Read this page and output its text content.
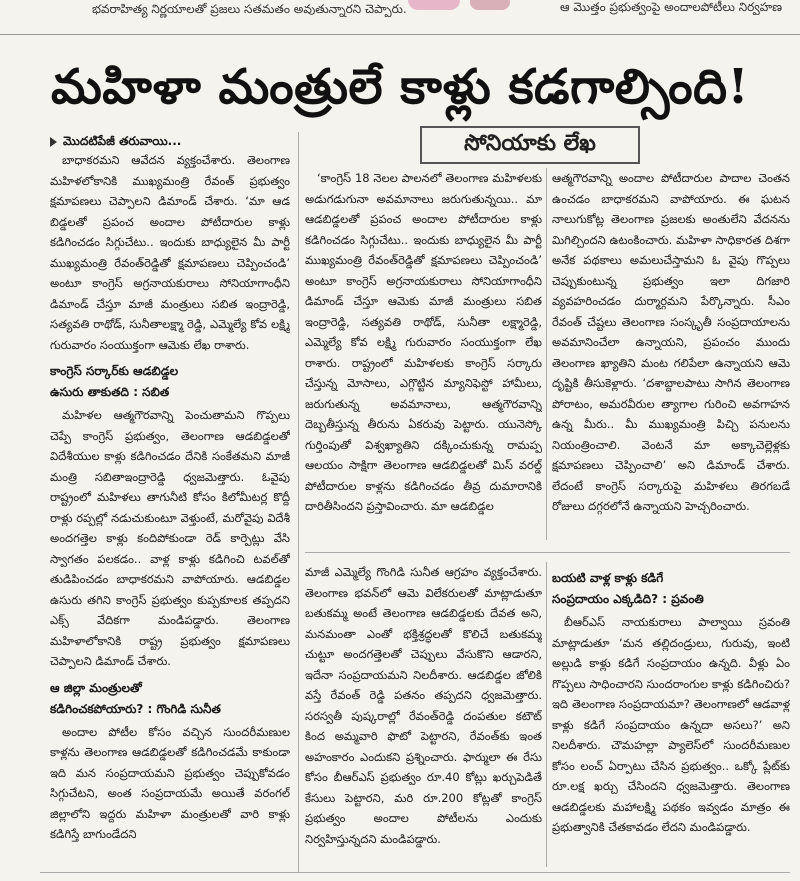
భవరాహిత్య నిర్ణయాలతో ప్రజలు సతమతం అవుతున్నారని చెప్పారు.	ఆ మొత్తం ప్రభుత్వంపై అందాలపోటీలు నిర్వహణ
మహిళా మంత్రులే కాళ్లు కడగాల్సింది!

మొదటిపేజీ తరువాయి...

బాధాకరమని ఆవేదన వ్యక్తంచేశారు. తెలంగాణ మహిళలోకానికి ముఖ్యమంత్రి రేవంత్ ప్రభుత్వం క్షమాపణలు చెప్పాలని డిమాండ్ చేశారు. ‘మా ఆడ బిడ్డలతో ప్రపంచ అందాల పోటీదారుల కాళ్లు కడిగించడం సిగ్గుచేటు.. ఇందుకు బాధ్యులైన మీ పార్టీ ముఖ్యమంత్రి రేవంత్‌రెడ్డితో క్షమాపణలు చెప్పించండి’ అంటూ కాంగ్రెస్ అగ్రనాయకురాలు సోనియాగాంధీని డిమాండ్ చేస్తూ మాజీ మంత్రులు సబిత ఇంద్రారెడ్డి, సత్యవతి రాథోడ్, సునీతాలక్ష్మా రెడ్డి, ఎమ్మెల్యే కోవ లక్ష్మి గురువారం సంయుక్తంగా ఆమెకు లేఖ రాశారు.

కాంగ్రెస్ సర్కార్‌కు ఆడబిడ్డల
ఉసురు తాకుతది : సబిత

మహిళల ఆత్మగౌరవాన్ని పెంచుతామని గొప్పలు చెప్పే కాంగ్రెస్ ప్రభుత్వం, తెలంగాణ ఆడబిడ్డలతో విదేశీయుల కాళ్లు కడిగించడం దేనికి సంకేతమని మాజీ మంత్రి సబితాఇంద్రారెడ్డి ధ్వజమెత్తారు. ఓవైపు రాష్ట్రంలో మహిళలు తాగునీటి కోసం కిలోమీటర్ల కొద్దీ రాళ్లు రప్పల్లో నడుచుకుంటూ వెళ్తుంటే, మరోవైపు విదేశీ అందగత్తెల కాళ్లు కందిపోకుండా రెడ్ కార్పెట్లు వేసి స్వాగతం పలకడం.. వాళ్ల కాళ్లు కడిగించి టవల్‌తో తుడిపించడం బాధాకరమని వాపోయారు. ఆడబిడ్డల ఉసురు తగిని కాంగ్రెస్ ప్రభుత్వం కుప్పకూలక తప్పదని ఎక్స్ వేదికగా మండిపడ్డారు. తెలంగాణ మహిళాలోకానికి రాష్ట్ర ప్రభుత్వం క్షమాపణలు చెప్పాలని డిమాండ్ చేశారు.

ఆ జిల్లా మంత్రులతో
కడిగించకపోయారు? : గొంగిడి సునీత

అందాల పోటీల కోసం వచ్చిన సుందరీమణుల కాళ్లను తెలంగాణ ఆడబిడ్డలతో కడిగించడమే కాకుండా ఇది మన సంప్రదాయమని ప్రభుత్వం చెప్పుకోవడం సిగ్గుచేటని, అంత సంప్రదాయమే అయితే వరంగల్ జిల్లాలోని ఇద్దరు మహిళా మంత్రులతో వారి కాళ్లు కడిగిస్తే బాగుండేదని

సోనియాకు లేఖ

‘కాంగ్రెస్ 18 నెలల పాలనలో తెలంగాణ మహిళలకు అడుగడుగునా అవమానాలు జరుగుతున్నయి.. మా ఆడబిడ్డలతో ప్రపంచ అందాల పోటీదారుల కాళ్లు కడిగించడం సిగ్గుచేటు.. ఇందుకు బాధ్యులైన మీ పార్టీ ముఖ్యమంత్రి రేవంత్‌రెడ్డితో క్షమాపణలు చెప్పించండి’ అంటూ కాంగ్రెస్ అగ్రనాయకురాలు సోనియాగాంధీని డిమాండ్ చేస్తూ ఆమెకు మాజీ మంత్రులు సబిత ఇంద్రారెడ్డి, సత్యవతి రాథోడ్, సునీతా లక్ష్మారెడ్డి, ఎమ్మెల్యే కోవ లక్ష్మి గురువారం సంయుక్తంగా లేఖ రాశారు. రాష్ట్రంలో మహిళలకు కాంగ్రెస్ సర్కారు చేస్తున్న మోసాలు, ఎగ్గొట్టిన మ్యానిఫెస్టో హామీలు, జరుగుతున్న అవమానాలు, ఆత్మగౌరవాన్ని దెబ్బతీస్తున్న తీరును ఏకరువు పెట్టారు. యునెస్కో గుర్తింపుతో విశ్వఖ్యాతిని దక్కించుకున్న రామప్ప ఆలయం సాక్షిగా తెలంగాణ ఆడబిడ్డలతో మిస్ వరల్డ్ పోటీదారుల కాళ్లను కడిగించడం తీవ్ర దుమారానికి దారితీసిందని ప్రస్తావించారు. మా ఆడబిడ్డల

ఆత్మగౌరవాన్ని అందాల పోటీదారుల పాదాల చెంతన ఉంచడం బాధాకరమని వాపోయారు. ఈ ఘటన నాలుగుకోట్ల తెలంగాణ ప్రజలకు అంతులేని వేదనను మిగిల్చిందని ఉటంకించారు. మహిళా సాధికారత దిశగా అనేక పథకాలు అమలుచేస్తామని ఓ వైపు గొప్పలు చెప్పుకుంటున్న ప్రభుత్వం ఇలా దిగజారి వ్యవహరించడం దుర్మార్గమని పేర్కొన్నారు. సీఎం రేవంత్ చేష్టలు తెలంగాణ సంస్కృతీ సంప్రదాయాలను అవమానించేలా ఉన్నాయని, ప్రపంచం ముందు తెలంగాణ ఖ్యాతిని మంట గలిపేలా ఉన్నాయని ఆమె దృష్టికి తీసుకెళ్లారు. ‘దశాబ్దాలపాటు సాగిన తెలంగాణ పోరాటం, అమరవీరుల త్యాగాల గురించి అవగాహన ఉన్న మీరు.. మీ ముఖ్యమంత్రి పిచ్చి పనులను నియంత్రించాలి. వెంటనే మా అక్కాచెల్లెళ్లకు క్షమాపణలు చెప్పించాలి’ అని డిమాండ్ చేశారు. లేదంటే కాంగ్రెస్ సర్కారుపై మహిళలు తిరగబడే రోజులు దగ్గరలోనే ఉన్నాయని హెచ్చరించారు.

మాజీ ఎమ్మెల్యే గొంగిడి సునీత ఆగ్రహం వ్యక్తంచేశారు. తెలంగాణ భవన్‌లో ఆమె విలేకరులతో మాట్లాడుతూ బతుకమ్మ అంటే తెలంగాణ ఆడబిడ్డలకు దేవత అని, మనమంతా ఎంతో భక్తిశ్రద్ధలతో కొలిచే బతుకమ్మ చుట్టూ అందగత్తెలతో చెప్పులు వేసుకొని ఆడారని, ఇదేనా సంప్రదాయమని నిలదీశారు. ఆడబిడ్డల జోలికి వస్తే రేవంత్ రెడ్డి పతనం తప్పదని ధ్వజమెత్తారు. సరస్వతీ పుష్కరాల్లో రేవంత్‌రెడ్డి దంపతుల కటౌట్ కింద అమ్మవారి ఫొటో పెట్టారని, రేవంత్‌కు ఇంత అహంకారం ఎందుకని ప్రశ్నించారు. ఫార్ములా ఈ రేసు కోసం బీఆర్ఎస్ ప్రభుత్వం రూ.40 కోట్లు ఖర్చుపెడితే కేసులు పెట్టారని, మరి రూ.200 కోట్లతో కాంగ్రెస్ ప్రభుత్వం అందాల పోటీలను ఎందుకు నిర్వహిస్తున్నదని మండిపడ్డారు.

బయటి వాళ్ల కాళ్లు కడిగే
సంప్రదాయం ఎక్కడిది? : ప్రవంతి

బీఆర్ఎస్ నాయకురాలు పాల్వాయి స్రవంతి మాట్లాడుతూ ‘మన తల్లిదండ్రులు, గురువు, ఇంటి అల్లుడి కాళ్లు కడిగే సంప్రదాయం ఉన్నది. వీళ్లు ఏం గొప్పలు సాధించారని సుందరాంగుల కాళ్లు కడిగించిరు? ఇది తెలంగాణ సంప్రదాయమా? తెలంగాణలో ఆడవాళ్ల కాళ్లు కడిగే సంప్రదాయం ఉన్నదా అసలు?’ అని నిలదీశారు. చౌమహల్లా ప్యాలెస్‌లో సుందరీమణుల కోసం లంచ్ ఏర్పాటు చేసిన ప్రభుత్వం.. ఒక్కో ప్లేట్‌కు రూ.లక్ష ఖర్చు చేసిందని ధ్వజమెత్తారు. తెలంగాణ ఆడబిడ్డలకు మహాలక్ష్మి పథకం ఇవ్వడం మాత్రం ఈ ప్రభుత్వానికి చేతకావడం లేదని మండిపడ్డారు.
